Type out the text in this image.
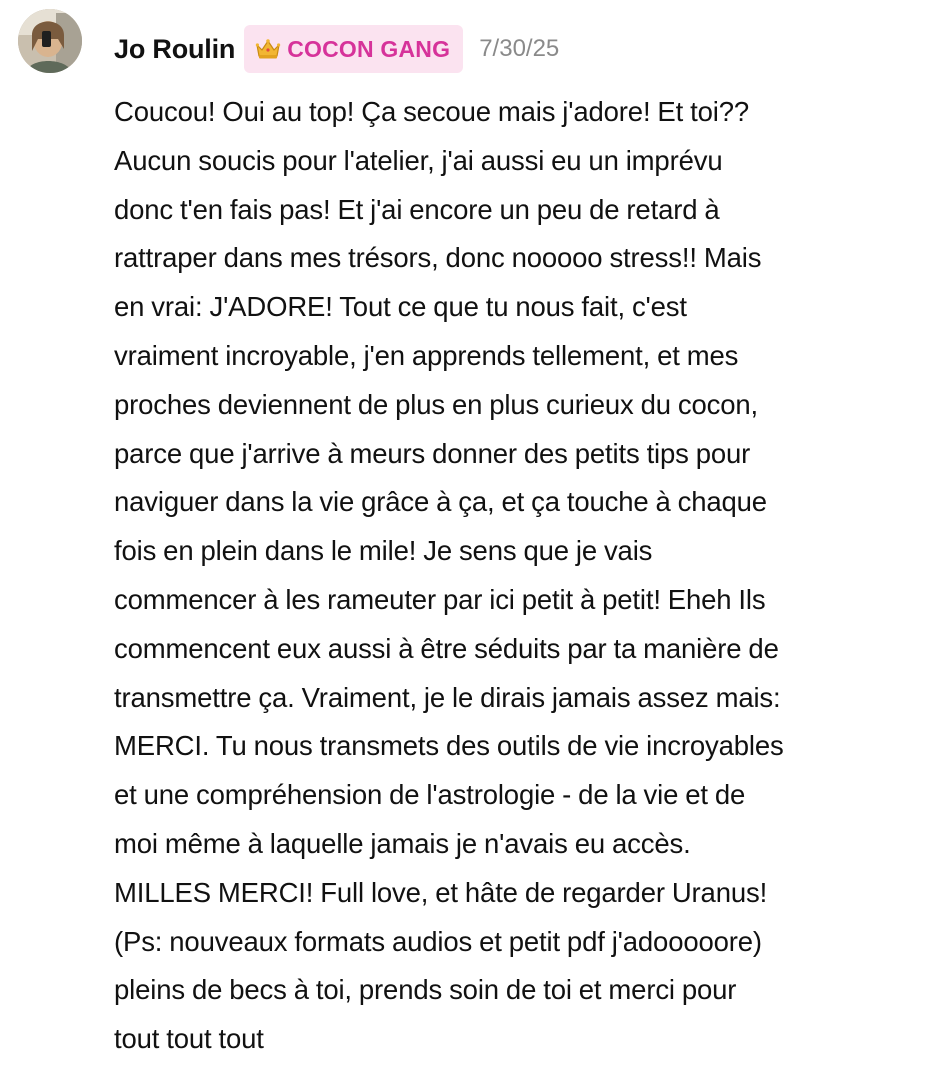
Jo Roulin COCON GANG 7/30/25

Coucou! Oui au top! Ça secoue mais j'adore! Et toi??
Aucun soucis pour l'atelier, j'ai aussi eu un imprévu
donc t'en fais pas! Et j'ai encore un peu de retard à
rattraper dans mes trésors, donc nooooo stress!! Mais
en vrai: J'ADORE! Tout ce que tu nous fait, c'est
vraiment incroyable, j'en apprends tellement, et mes
proches deviennent de plus en plus curieux du cocon,
parce que j'arrive à meurs donner des petits tips pour
naviguer dans la vie grâce à ça, et ça touche à chaque
fois en plein dans le mile! Je sens que je vais
commencer à les rameuter par ici petit à petit! Eheh Ils
commencent eux aussi à être séduits par ta manière de
transmettre ça. Vraiment, je le dirais jamais assez mais:
MERCI. Tu nous transmets des outils de vie incroyables
et une compréhension de l'astrologie - de la vie et de
moi même à laquelle jamais je n'avais eu accès.
MILLES MERCI! Full love, et hâte de regarder Uranus!
(Ps: nouveaux formats audios et petit pdf j'adooooore)
pleins de becs à toi, prends soin de toi et merci pour
tout tout tout
